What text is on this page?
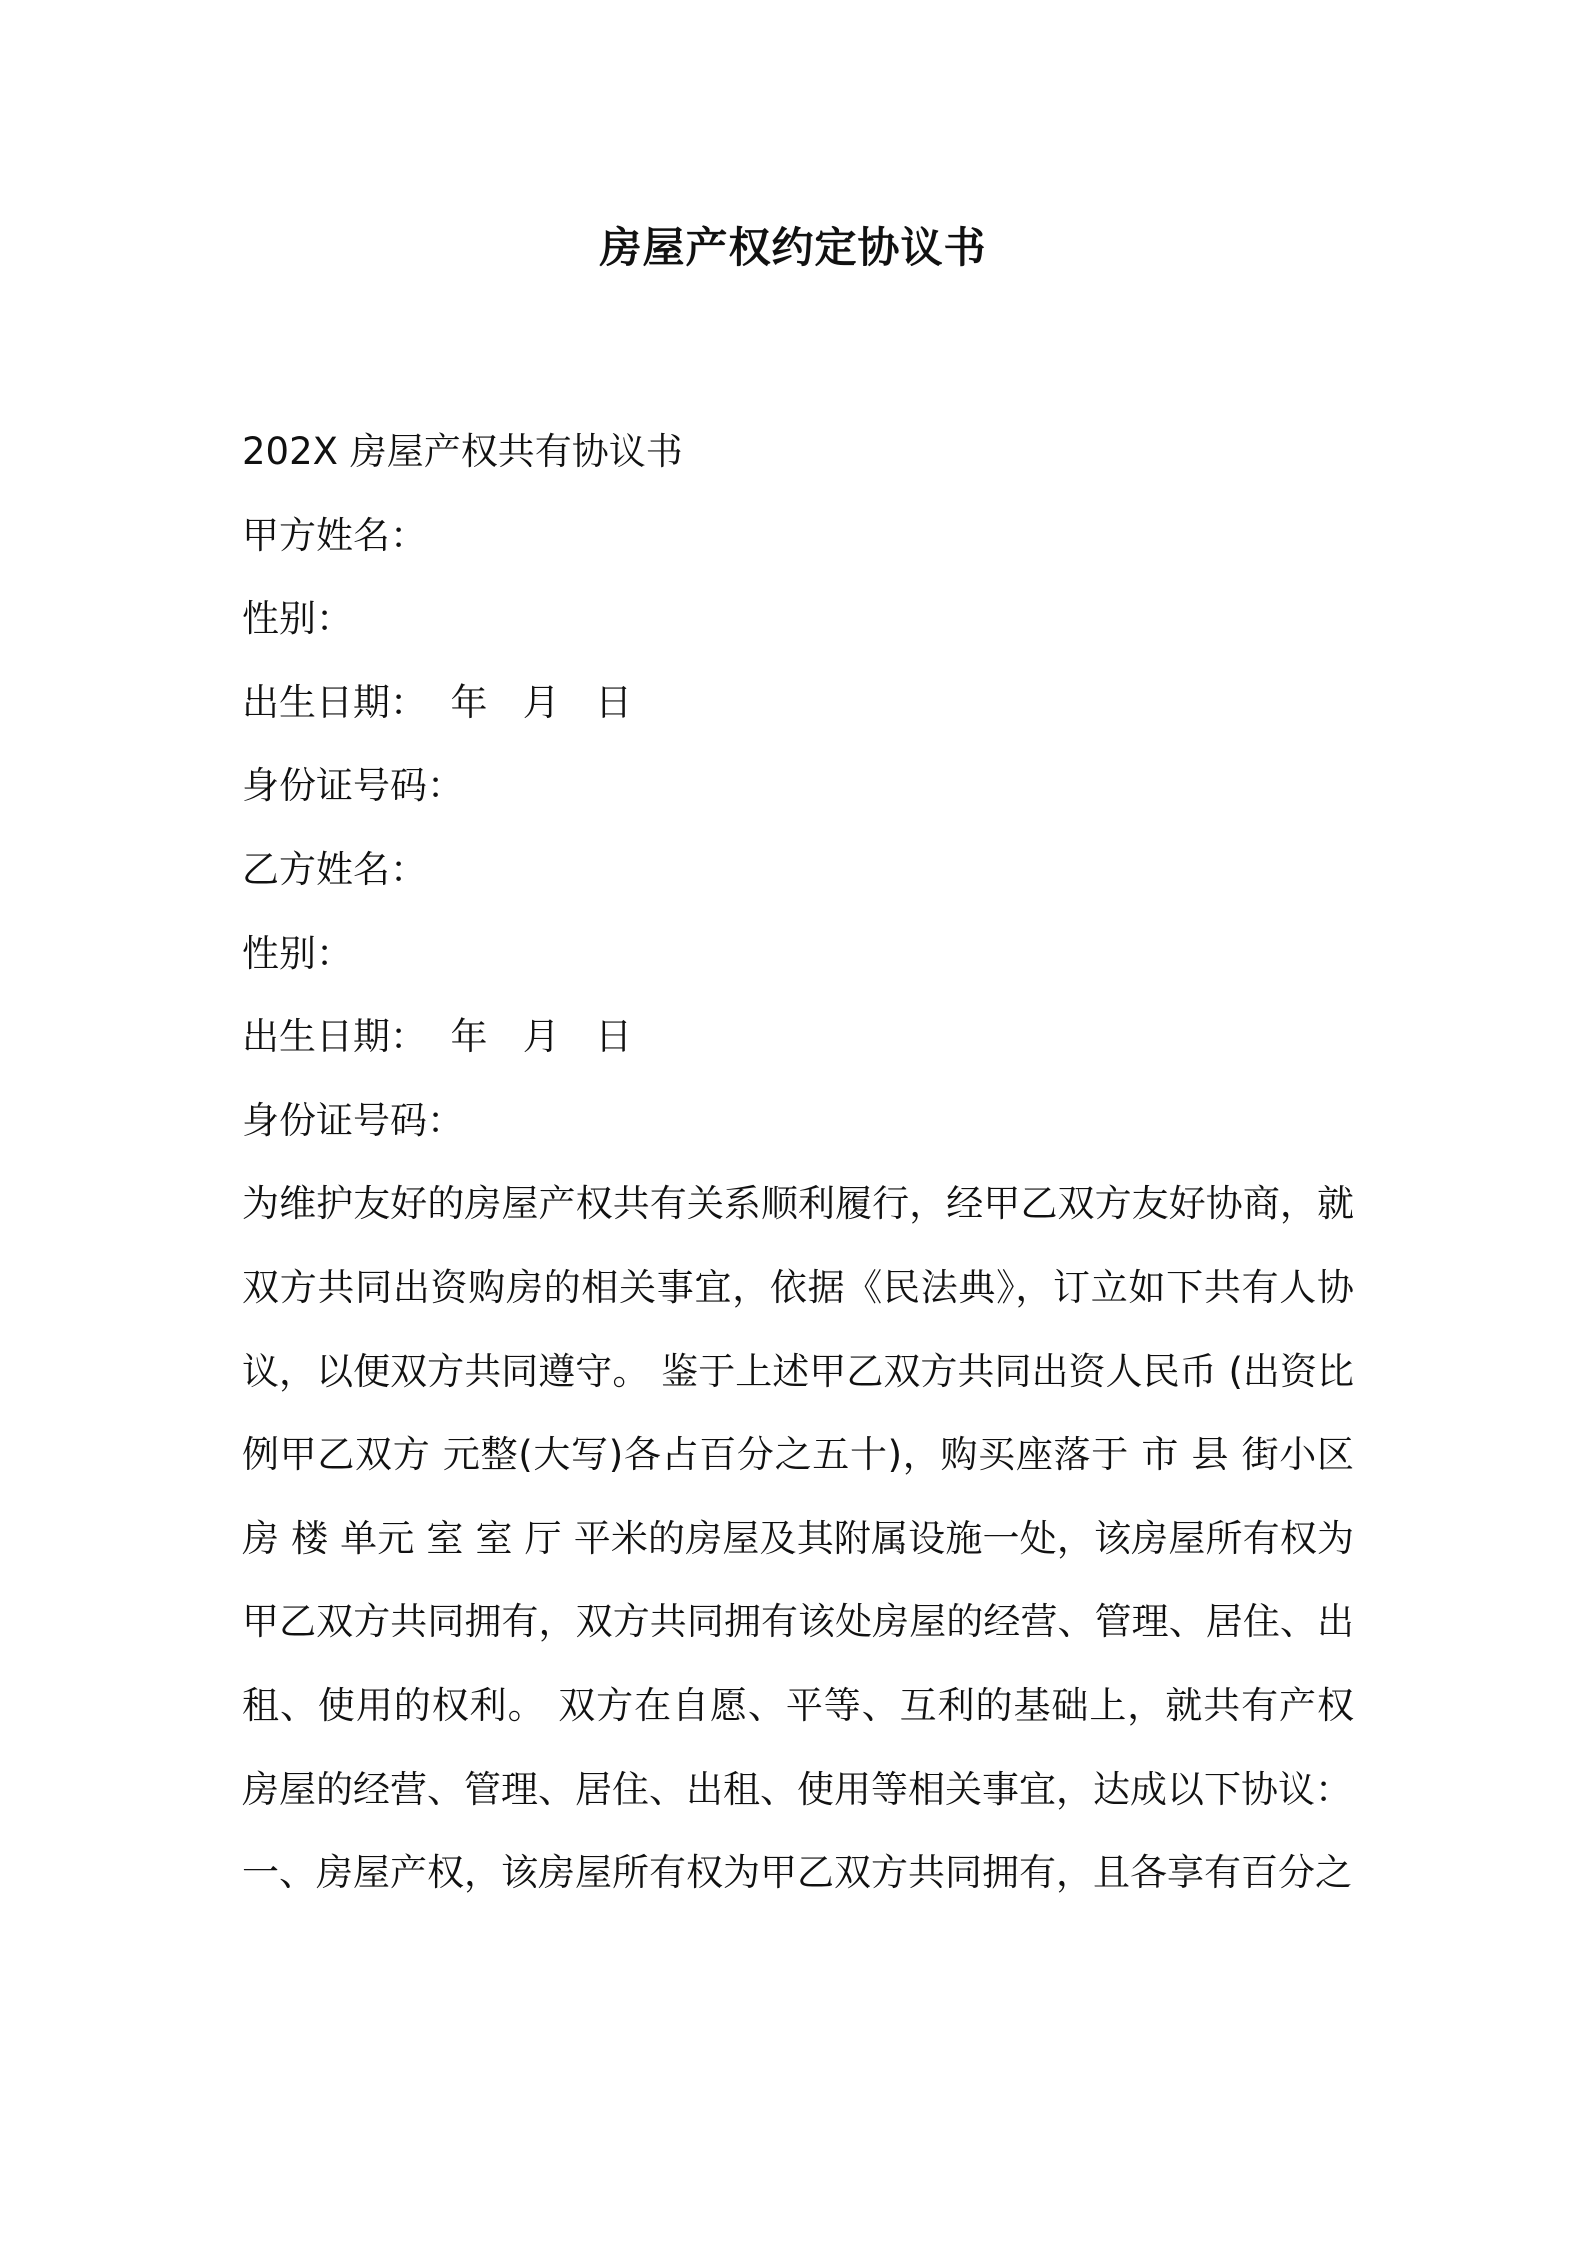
房屋产权约定协议书

202X 房屋产权共有协议书

甲方姓名：

性别：

出生日期：  年   月   日

身份证号码：

乙方姓名：

性别：

出生日期：  年   月   日

身份证号码：

为维护友好的房屋产权共有关系顺利履行，经甲乙双方友好协商，就双方共同出资购房的相关事宜，依据《民法典》，订立如下共有人协议，以便双方共同遵守。 鉴于上述甲乙双方共同出资人民币 (出资比例甲乙双方 元整(大写)各占百分之五十)，购买座落于 市 县 街小区 房 楼 单元 室 室 厅 平米的房屋及其附属设施一处，该房屋所有权为甲乙双方共同拥有，双方共同拥有该处房屋的经营、管理、居住、出租、使用的权利。 双方在自愿、平等、互利的基础上，就共有产权房屋的经营、管理、居住、出租、使用等相关事宜，达成以下协议：

一、房屋产权，该房屋所有权为甲乙双方共同拥有，且各享有百分之
